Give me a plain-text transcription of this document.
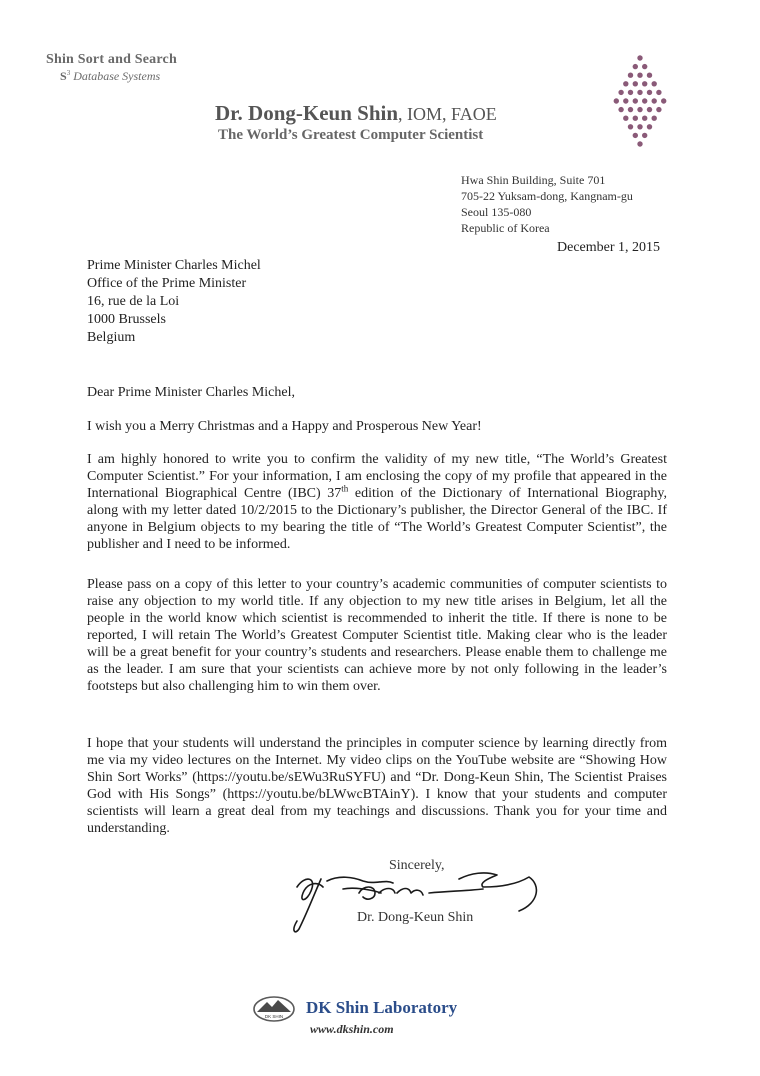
Shin Sort and Search
$S^3$ Database Systems
Dr. Dong-Keun Shin, IOM, FAOE
The World’s Greatest Computer Scientist
Hwa Shin Building, Suite 701
705-22 Yuksam-dong, Kangnam-gu
Seoul 135-080
Republic of Korea
December 1, 2015
Prime Minister Charles Michel
Office of the Prime Minister
16, rue de la Loi
1000 Brussels
Belgium

Dear Prime Minister Charles Michel,

I wish you a Merry Christmas and a Happy and Prosperous New Year!

I am highly honored to write you to confirm the validity of my new title, “The World’s Greatest Computer Scientist.” For your information, I am enclosing the copy of my profile that appeared in the International Biographical Centre (IBC) 37th edition of the Dictionary of International Biography, along with my letter dated 10/2/2015 to the Dictionary’s publisher, the Director General of the IBC. If anyone in Belgium objects to my bearing the title of “The World’s Greatest Computer Scientist”, the publisher and I need to be informed.

Please pass on a copy of this letter to your country’s academic communities of computer scientists to raise any objection to my world title. If any objection to my new title arises in Belgium, let all the people in the world know which scientist is recommended to inherit the title. If there is none to be reported, I will retain The World’s Greatest Computer Scientist title. Making clear who is the leader will be a great benefit for your country’s students and researchers. Please enable them to challenge me as the leader. I am sure that your scientists can achieve more by not only following in the leader’s footsteps but also challenging him to win them over.

I hope that your students will understand the principles in computer science by learning directly from me via my video lectures on the Internet. My video clips on the YouTube website are “Showing How Shin Sort Works” (https://youtu.be/sEWu3RuSYFU) and “Dr. Dong-Keun Shin, The Scientist Praises God with His Songs” (https://youtu.be/bLWwcBTAinY). I know that your students and computer scientists will learn a great deal from my teachings and discussions. Thank you for your time and understanding.

Sincerely,
Dr. Dong-Keun Shin
DK SHIN DK Shin Laboratory
www.dkshin.com
